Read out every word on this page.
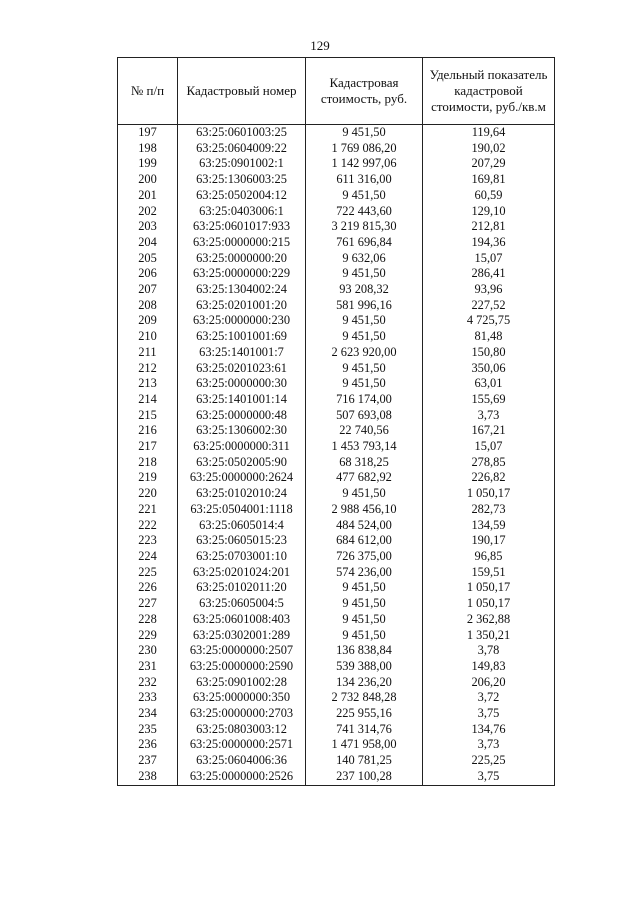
129
№ п/п	Кадастровый номер	Кадастровая стоимость, руб.	Удельный показатель кадастровой стоимости, руб./кв.м
197	63:25:0601003:25	9 451,50	119,64
198	63:25:0604009:22	1 769 086,20	190,02
199	63:25:0901002:1	1 142 997,06	207,29
200	63:25:1306003:25	611 316,00	169,81
201	63:25:0502004:12	9 451,50	60,59
202	63:25:0403006:1	722 443,60	129,10
203	63:25:0601017:933	3 219 815,30	212,81
204	63:25:0000000:215	761 696,84	194,36
205	63:25:0000000:20	9 632,06	15,07
206	63:25:0000000:229	9 451,50	286,41
207	63:25:1304002:24	93 208,32	93,96
208	63:25:0201001:20	581 996,16	227,52
209	63:25:0000000:230	9 451,50	4 725,75
210	63:25:1001001:69	9 451,50	81,48
211	63:25:1401001:7	2 623 920,00	150,80
212	63:25:0201023:61	9 451,50	350,06
213	63:25:0000000:30	9 451,50	63,01
214	63:25:1401001:14	716 174,00	155,69
215	63:25:0000000:48	507 693,08	3,73
216	63:25:1306002:30	22 740,56	167,21
217	63:25:0000000:311	1 453 793,14	15,07
218	63:25:0502005:90	68 318,25	278,85
219	63:25:0000000:2624	477 682,92	226,82
220	63:25:0102010:24	9 451,50	1 050,17
221	63:25:0504001:1118	2 988 456,10	282,73
222	63:25:0605014:4	484 524,00	134,59
223	63:25:0605015:23	684 612,00	190,17
224	63:25:0703001:10	726 375,00	96,85
225	63:25:0201024:201	574 236,00	159,51
226	63:25:0102011:20	9 451,50	1 050,17
227	63:25:0605004:5	9 451,50	1 050,17
228	63:25:0601008:403	9 451,50	2 362,88
229	63:25:0302001:289	9 451,50	1 350,21
230	63:25:0000000:2507	136 838,84	3,78
231	63:25:0000000:2590	539 388,00	149,83
232	63:25:0901002:28	134 236,20	206,20
233	63:25:0000000:350	2 732 848,28	3,72
234	63:25:0000000:2703	225 955,16	3,75
235	63:25:0803003:12	741 314,76	134,76
236	63:25:0000000:2571	1 471 958,00	3,73
237	63:25:0604006:36	140 781,25	225,25
238	63:25:0000000:2526	237 100,28	3,75
